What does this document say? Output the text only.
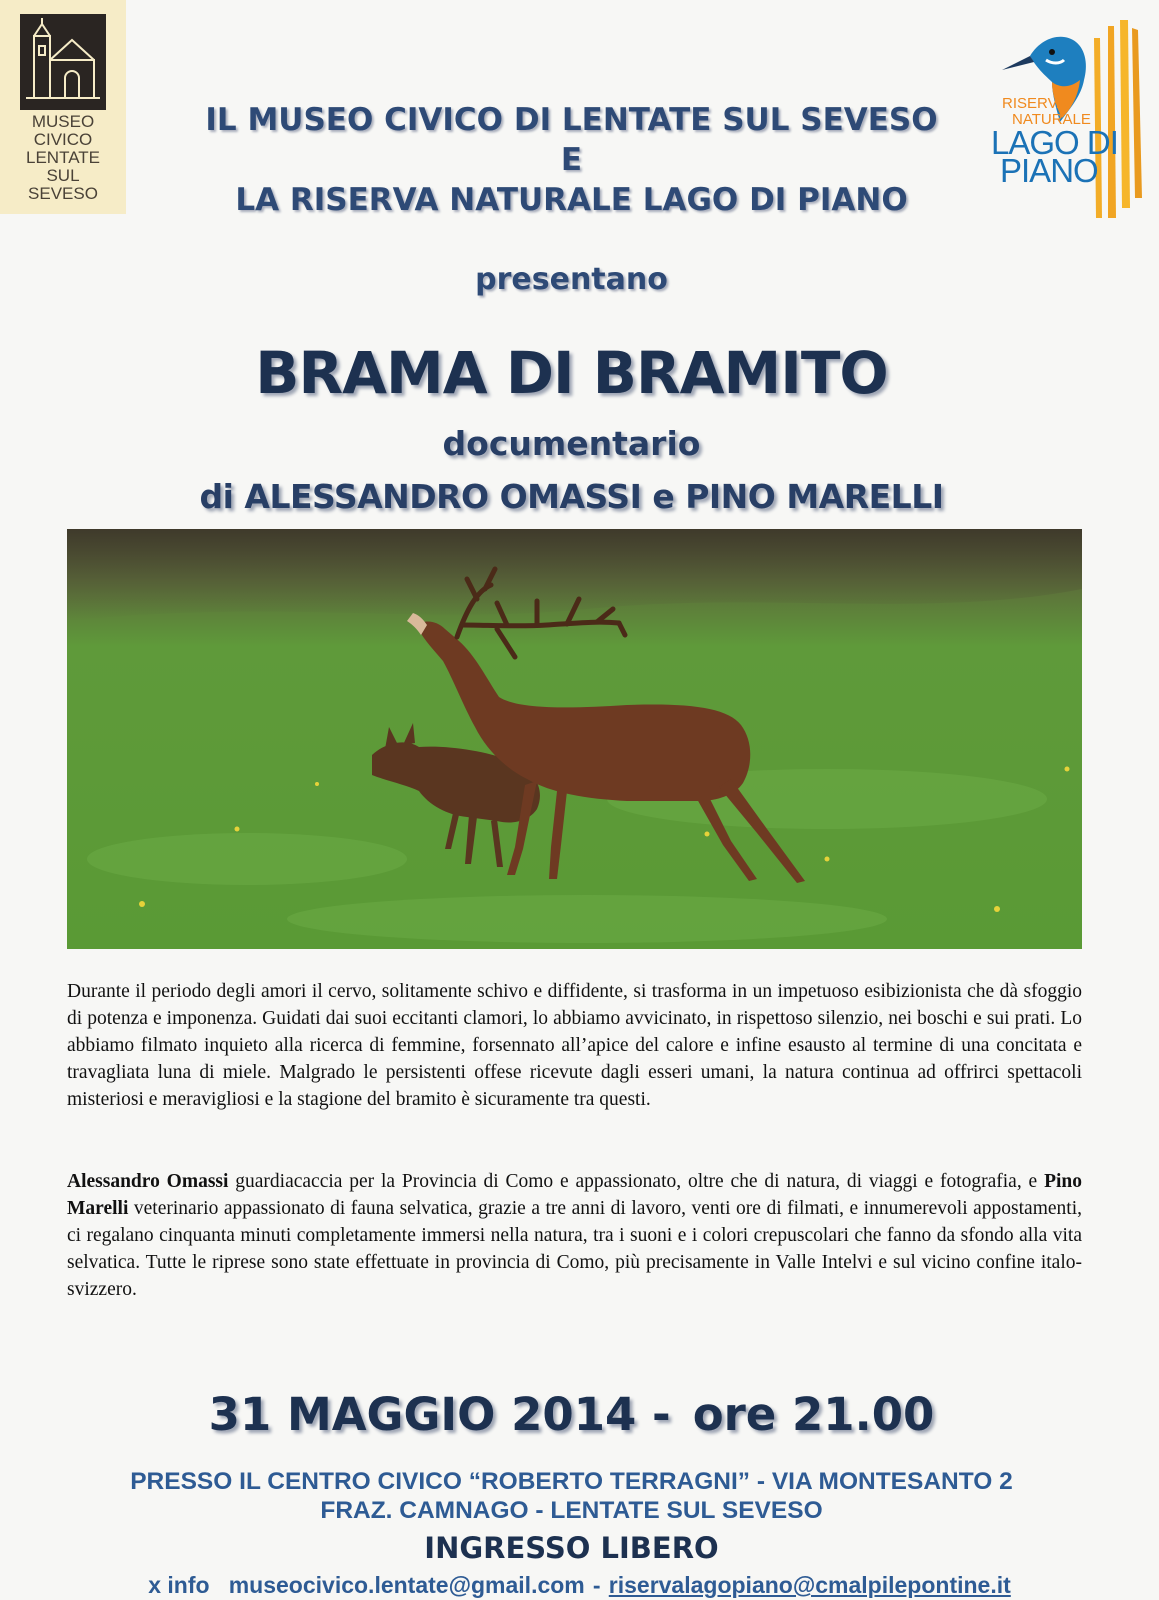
MUSEO
CIVICO
LENTATE
SUL
SEVESO
RISERVA
NATURALE
LAGO DI
PIANO
IL MUSEO CIVICO DI LENTATE SUL SEVESO
E
LA RISERVA NATURALE LAGO DI PIANO
presentano
BRAMA DI BRAMITO
documentario
di ALESSANDRO OMASSI e PINO MARELLI
Durante il periodo degli amori il cervo, solitamente schivo e diffidente, si trasforma in un impetuoso esibizionista che dà sfoggio di potenza e imponenza. Guidati dai suoi eccitanti clamori, lo abbiamo avvicinato, in rispettoso silenzio, nei boschi e sui prati. Lo abbiamo filmato inquieto alla ricerca di femmine, forsennato all’apice del calore e infine esausto al termine di una concitata e travagliata luna di miele. Malgrado le persistenti offese ricevute dagli esseri umani, la natura continua ad offrirci spettacoli misteriosi e meravigliosi e la stagione del bramito è sicuramente tra questi.
Alessandro Omassi guardiacaccia per la Provincia di Como e appassionato, oltre che di natura, di viaggi e fotografia, e Pino Marelli veterinario appassionato di fauna selvatica, grazie a tre anni di lavoro, venti ore di filmati, e innumerevoli appostamenti, ci regalano cinquanta minuti completamente immersi nella natura, tra i suoni e i colori crepuscolari che fanno da sfondo alla vita selvatica. Tutte le riprese sono state effettuate in provincia di Como, più precisamente in Valle Intelvi e sul vicino confine italo-svizzero.
31 MAGGIO 2014 - ore 21.00
PRESSO IL CENTRO CIVICO “ROBERTO TERRAGNI” - VIA MONTESANTO 2
FRAZ. CAMNAGO - LENTATE SUL SEVESO
INGRESSO LIBERO
x info museocivico.lentate@gmail.com - riservalagopiano@cmalpilepontine.it
